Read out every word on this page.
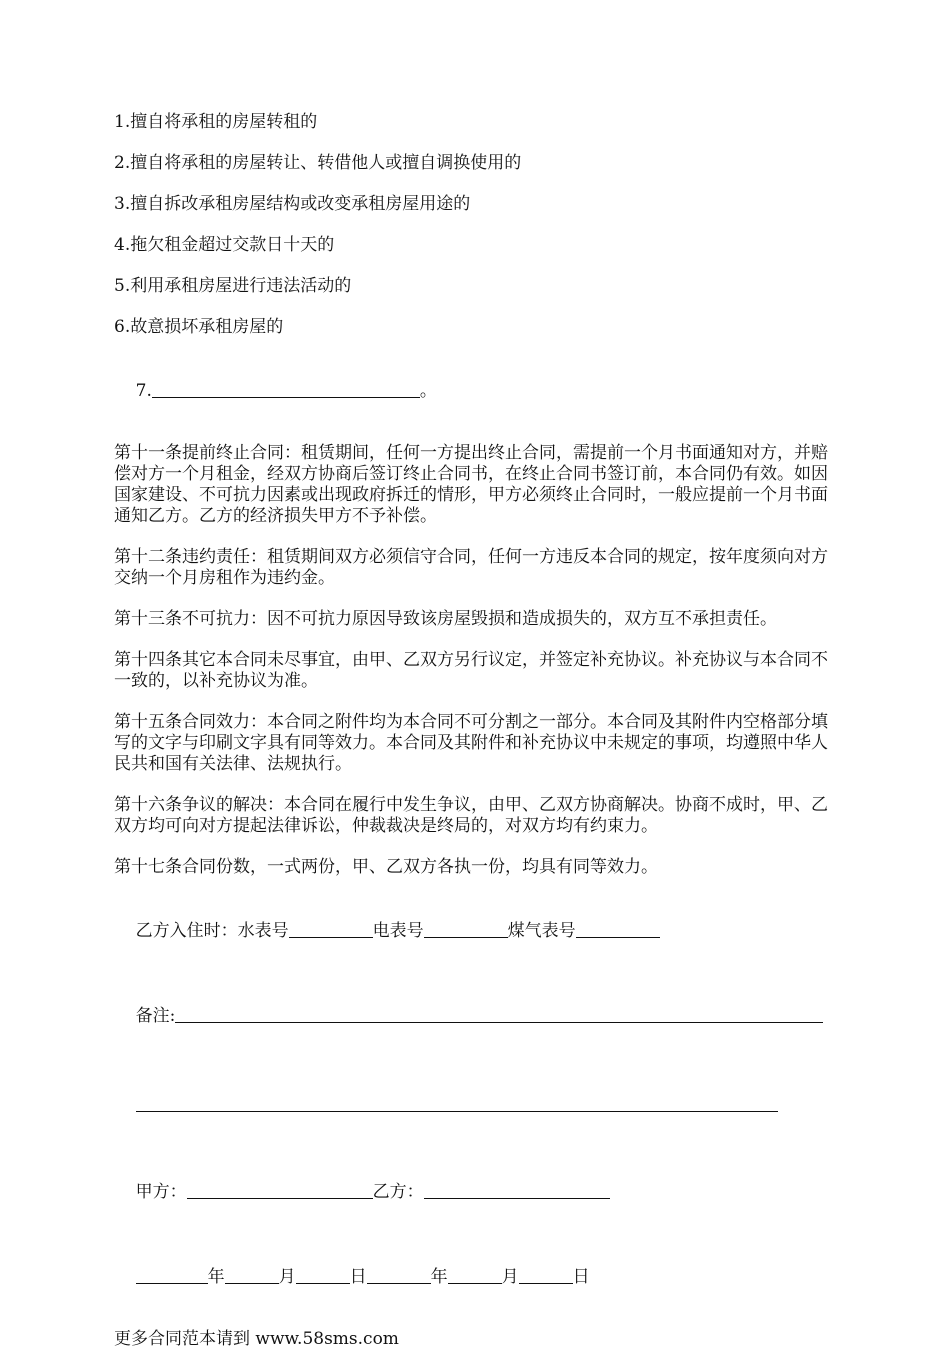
1.擅自将承租的房屋转租的

2.擅自将承租的房屋转让、转借他人或擅自调换使用的

3.擅自拆改承租房屋结构或改变承租房屋用途的

4.拖欠租金超过交款日十天的

5.利用承租房屋进行违法活动的

6.故意损坏承租房屋的

7.	。

第十一条提前终止合同：租赁期间，任何一方提出终止合同，需提前一个月书面通知对方，并赔偿对方一个月租金，经双方协商后签订终止合同书，在终止合同书签订前，本合同仍有效。如因国家建设、不可抗力因素或出现政府拆迁的情形，甲方必须终止合同时，一般应提前一个月书面通知乙方。乙方的经济损失甲方不予补偿。

第十二条违约责任：租赁期间双方必须信守合同，任何一方违反本合同的规定，按年度须向对方交纳一个月房租作为违约金。

第十三条不可抗力：因不可抗力原因导致该房屋毁损和造成损失的，双方互不承担责任。

第十四条其它本合同未尽事宜，由甲、乙双方另行议定，并签定补充协议。补充协议与本合同不一致的，以补充协议为准。

第十五条合同效力：本合同之附件均为本合同不可分割之一部分。本合同及其附件内空格部分填写的文字与印刷文字具有同等效力。本合同及其附件和补充协议中未规定的事项，均遵照中华人民共和国有关法律、法规执行。

第十六条争议的解决：本合同在履行中发生争议，由甲、乙双方协商解决。协商不成时，甲、乙双方均可向对方提起法律诉讼，仲裁裁决是终局的，对双方均有约束力。

第十七条合同份数，一式两份，甲、乙双方各执一份，均具有同等效力。

乙方入住时：水表号	电表号	煤气表号

备注:

甲方：	乙方：

年	月	日	年	月	日

更多合同范本请到 www.58sms.com
